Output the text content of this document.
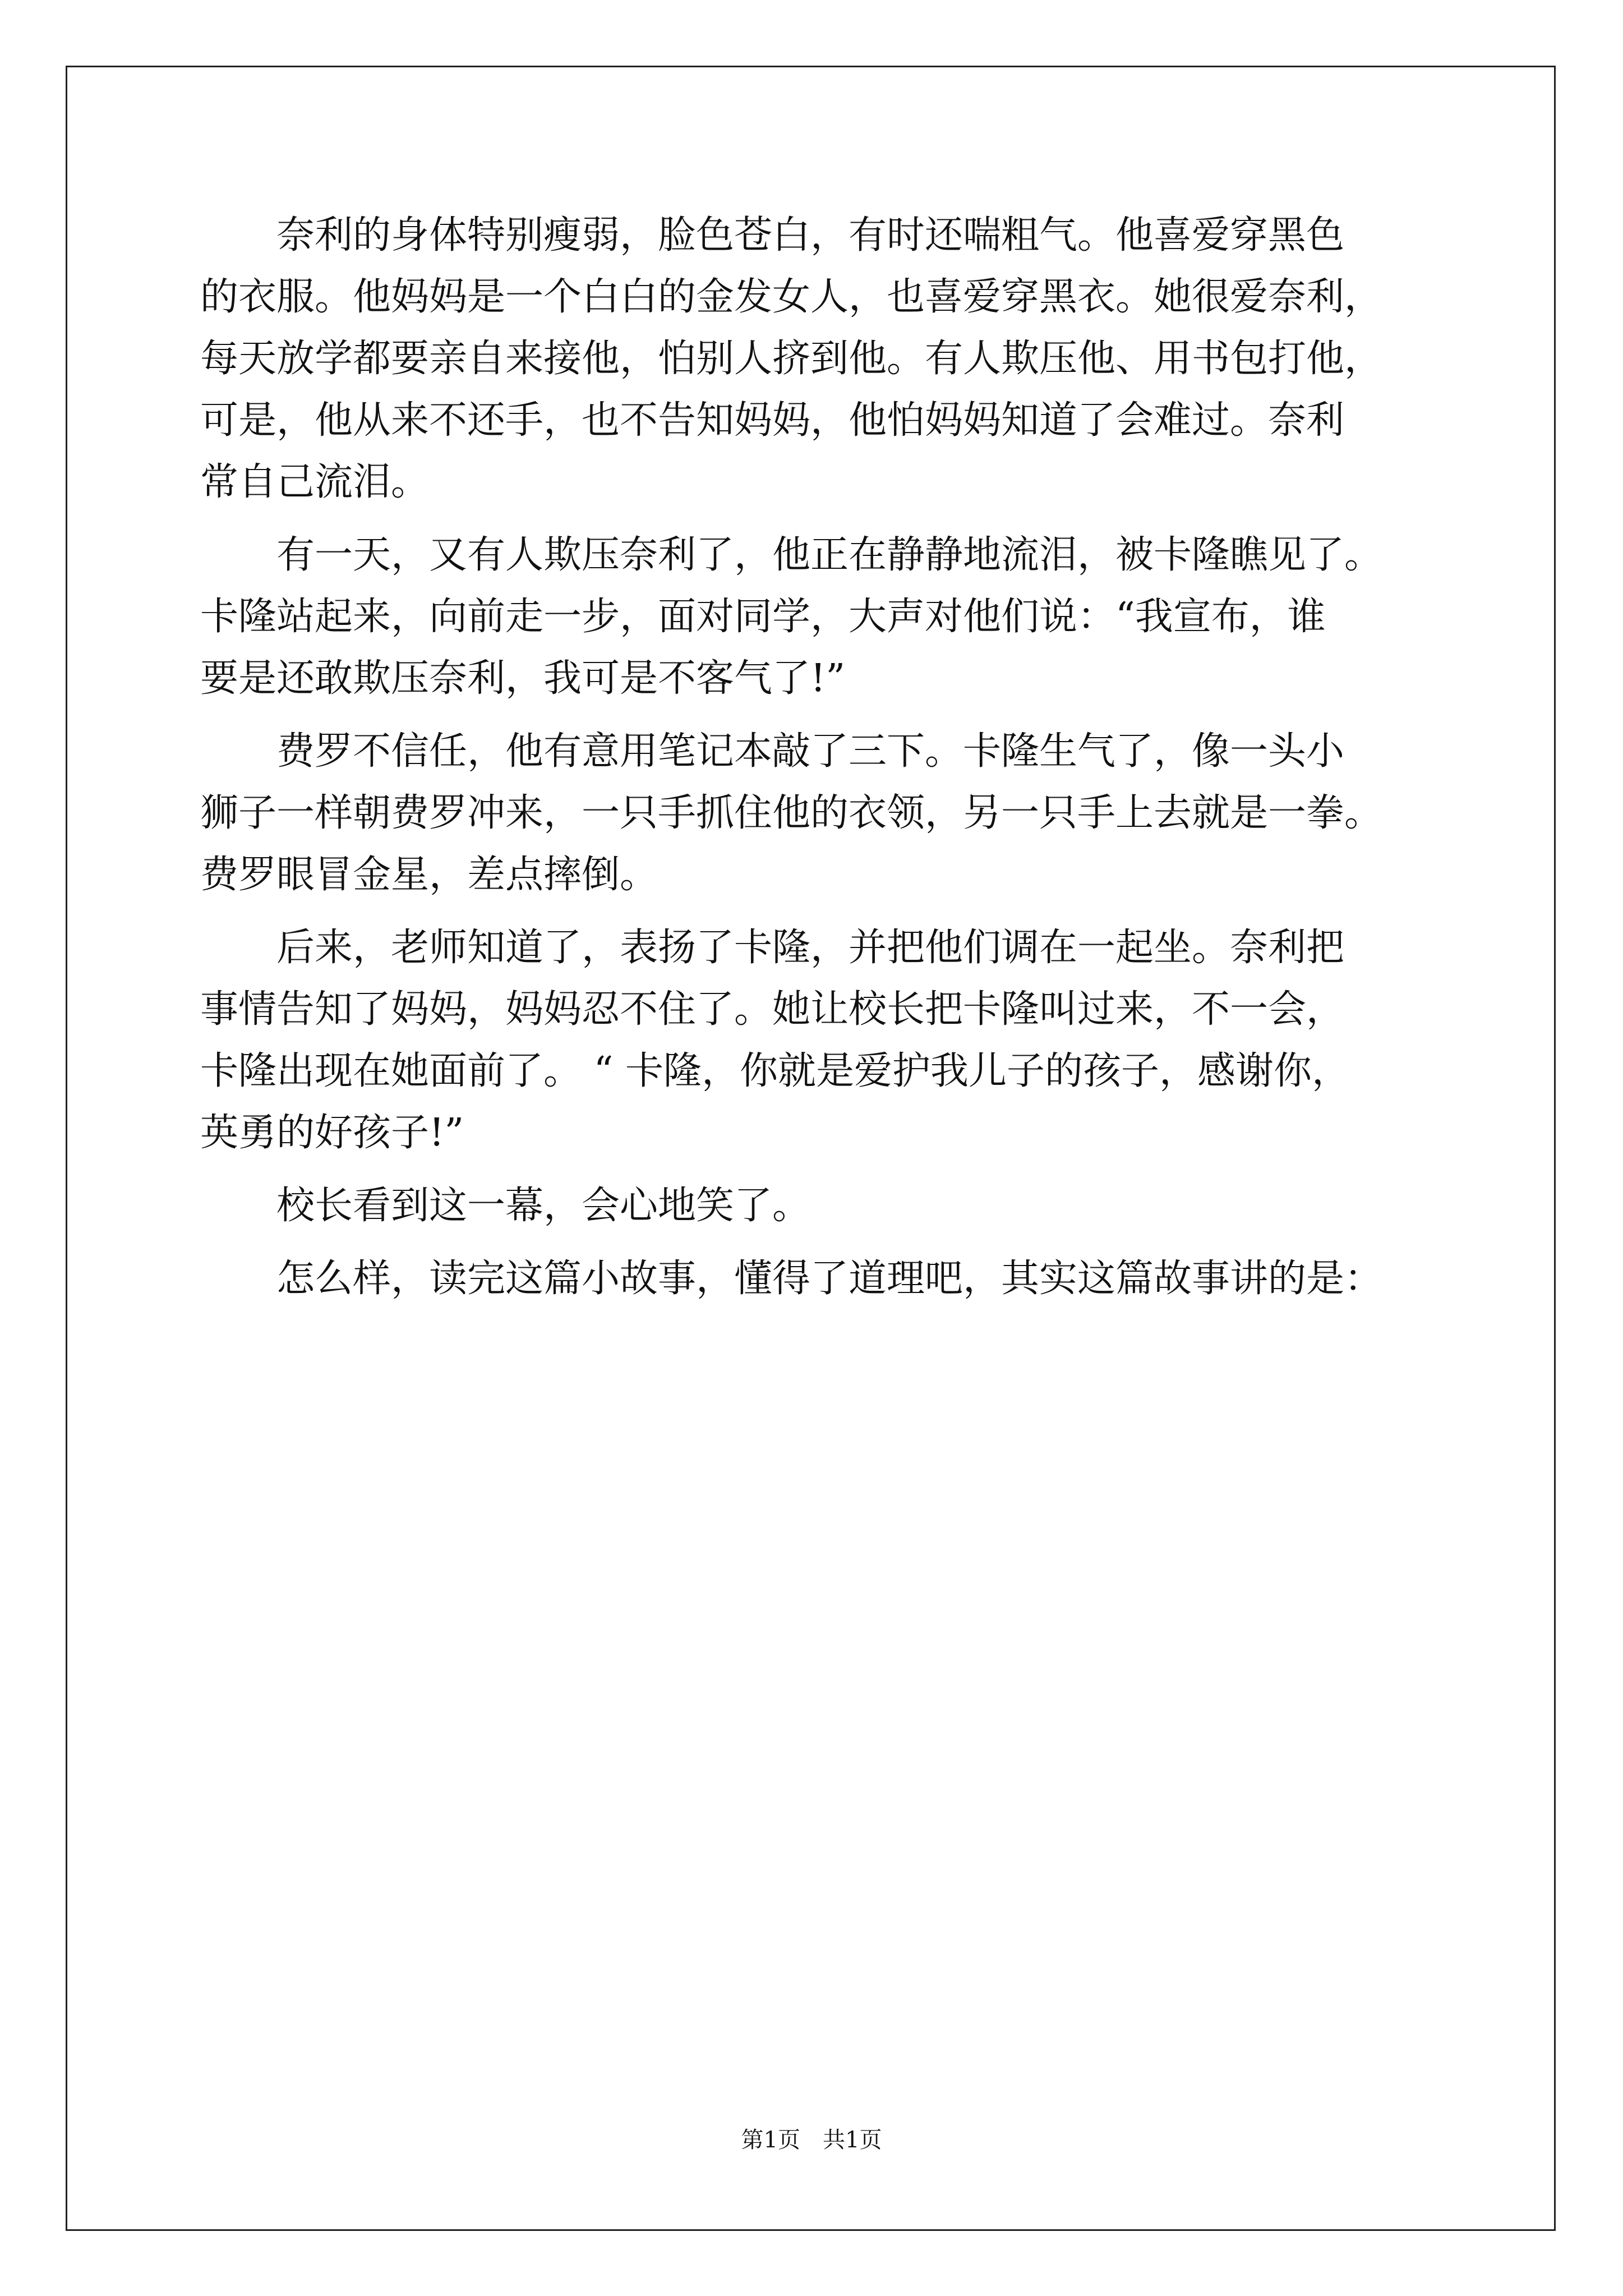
　　奈利的身体特别瘦弱，脸色苍白，有时还喘粗气。他喜爱穿黑色
的衣服。他妈妈是一个白白的金发女人，也喜爱穿黑衣。她很爱奈利，
每天放学都要亲自来接他，怕别人挤到他。有人欺压他、用书包打他，
可是，他从来不还手，也不告知妈妈，他怕妈妈知道了会难过。奈利
常自己流泪。
　　有一天，又有人欺压奈利了，他正在静静地流泪，被卡隆瞧见了。
卡隆站起来，向前走一步，面对同学，大声对他们说：“我宣布，谁
要是还敢欺压奈利，我可是不客气了!”
　　费罗不信任，他有意用笔记本敲了三下。卡隆生气了，像一头小
狮子一样朝费罗冲来，一只手抓住他的衣领，另一只手上去就是一拳。
费罗眼冒金星，差点摔倒。
　　后来，老师知道了，表扬了卡隆，并把他们调在一起坐。奈利把
事情告知了妈妈，妈妈忍不住了。她让校长把卡隆叫过来，不一会，
卡隆出现在她面前了。 “ 卡隆，你就是爱护我儿子的孩子，感谢你，
英勇的好孩子!”
　　校长看到这一幕，会心地笑了。
　　怎么样，读完这篇小故事，懂得了道理吧，其实这篇故事讲的是：
第1页　共1页
